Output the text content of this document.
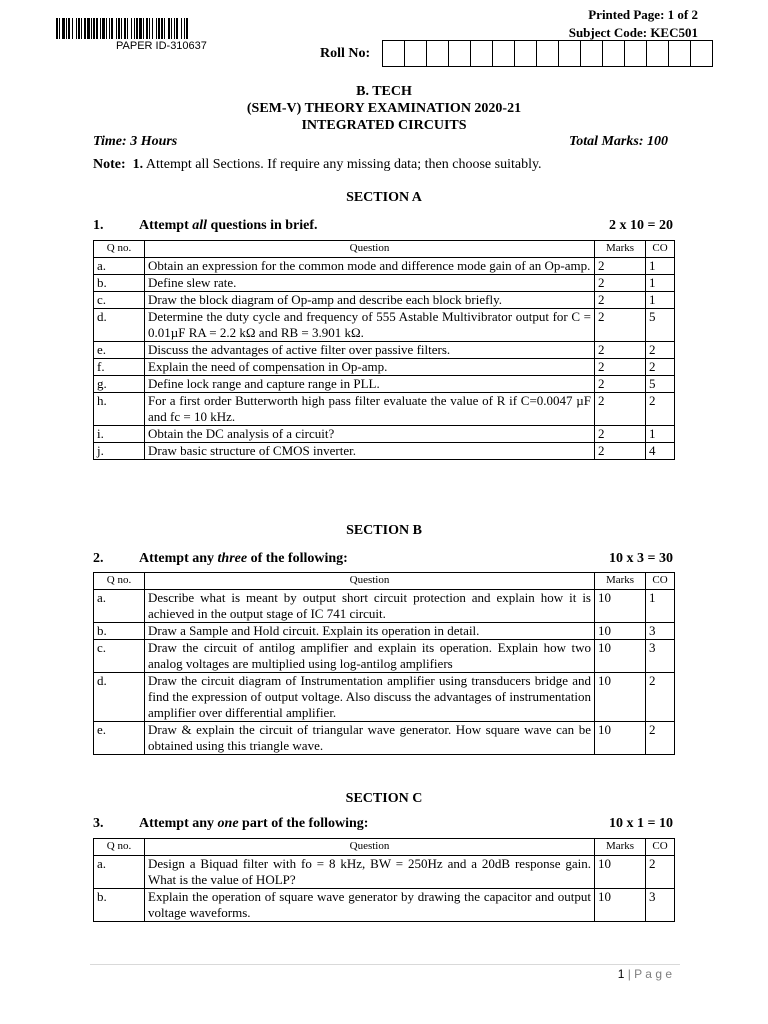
PAPER ID-310637
Printed Page: 1 of 2
Subject Code: KEC501
Roll No:
B. TECH
(SEM-V) THEORY EXAMINATION 2020-21
INTEGRATED CIRCUITS
Time: 3 Hours	Total Marks: 100
Note: 1. Attempt all Sections. If require any missing data; then choose suitably.
SECTION A
1.	Attempt all questions in brief.	2 x 10 = 20
Q no.	Question	Marks	CO
a.	Obtain an expression for the common mode and difference mode gain of an Op-amp.	2	1
b.	Define slew rate.	2	1
c.	Draw the block diagram of Op-amp and describe each block briefly.	2	1
d.	Determine the duty cycle and frequency of 555 Astable Multivibrator output for C = 0.01µF RA = 2.2 kΩ and RB = 3.901 kΩ.	2	5
e.	Discuss the advantages of active filter over passive filters.	2	2
f.	Explain the need of compensation in Op-amp.	2	2
g.	Define lock range and capture range in PLL.	2	5
h.	For a first order Butterworth high pass filter evaluate the value of R if C=0.0047 µF and fc = 10 kHz.	2	2
i.	Obtain the DC analysis of a circuit?	2	1
j.	Draw basic structure of CMOS inverter.	2	4
SECTION B
2.	Attempt any three of the following:	10 x 3 = 30
Q no.	Question	Marks	CO
a.	Describe what is meant by output short circuit protection and explain how it is achieved in the output stage of IC 741 circuit.	10	1
b.	Draw a Sample and Hold circuit. Explain its operation in detail.	10	3
c.	Draw the circuit of antilog amplifier and explain its operation. Explain how two analog voltages are multiplied using log-antilog amplifiers	10	3
d.	Draw the circuit diagram of Instrumentation amplifier using transducers bridge and find the expression of output voltage. Also discuss the advantages of instrumentation amplifier over differential amplifier.	10	2
e.	Draw & explain the circuit of triangular wave generator. How square wave can be obtained using this triangle wave.	10	2
SECTION C
3.	Attempt any one part of the following:	10 x 1 = 10
Q no.	Question	Marks	CO
a.	Design a Biquad filter with fo = 8 kHz, BW = 250Hz and a 20dB response gain. What is the value of HOLP?	10	2
b.	Explain the operation of square wave generator by drawing the capacitor and output voltage waveforms.	10	3
1 | P a g e
